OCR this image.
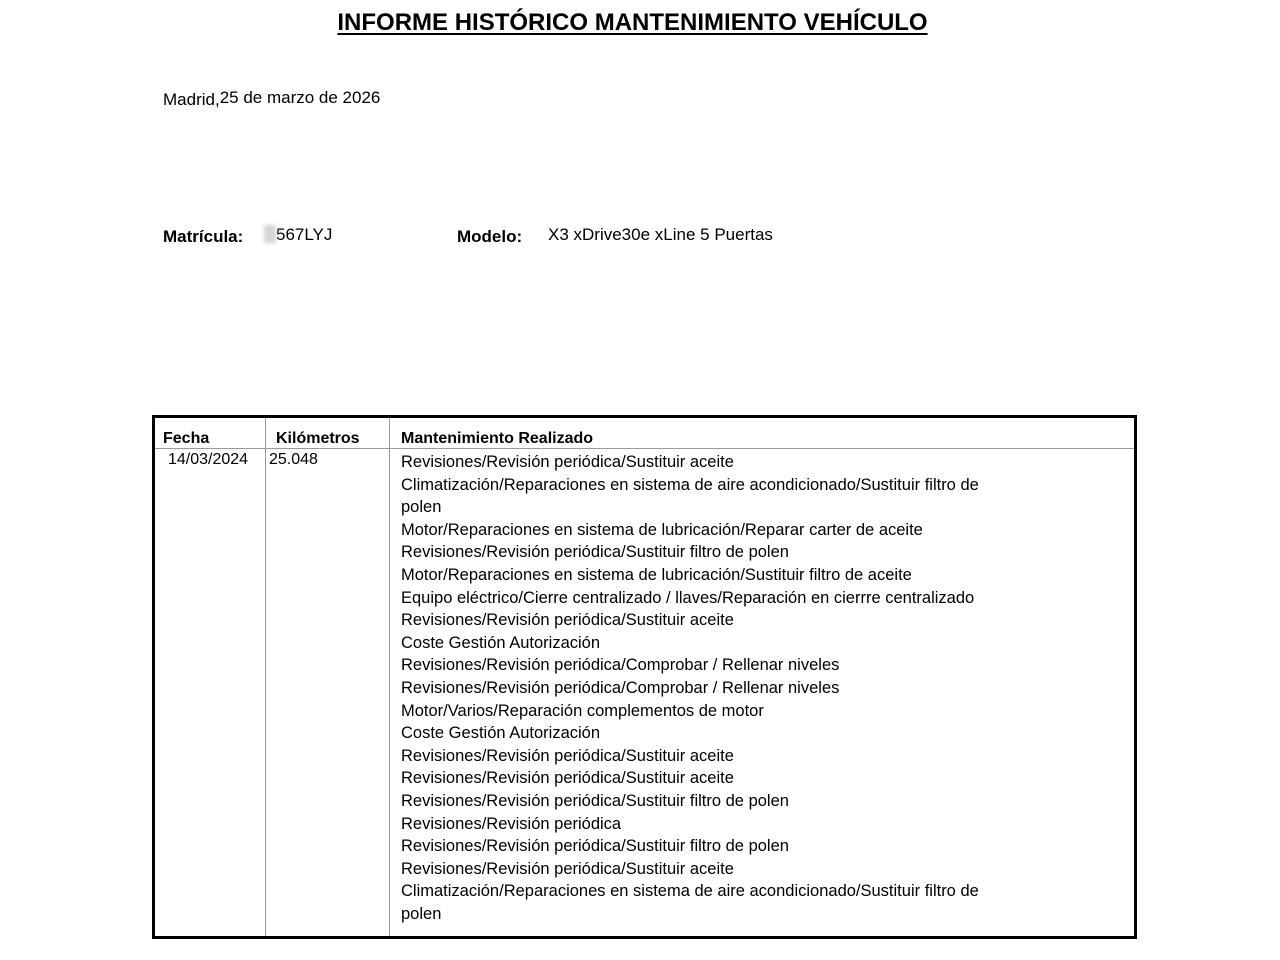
INFORME HISTÓRICO MANTENIMIENTO VEHÍCULO
Madrid,25 de marzo de 2026
Matrícula:	567LYJ	Modelo: X3 xDrive30e xLine 5 Puertas
Fecha	Kilómetros	Mantenimiento Realizado
14/03/2024 25.048	Revisiones/Revisión periódica/Sustituir aceite
Climatización/Reparaciones en sistema de aire acondicionado/Sustituir filtro de polen
Motor/Reparaciones en sistema de lubricación/Reparar carter de aceite
Revisiones/Revisión periódica/Sustituir filtro de polen
Motor/Reparaciones en sistema de lubricación/Sustituir filtro de aceite
Equipo eléctrico/Cierre centralizado / llaves/Reparación en cierrre centralizado
Revisiones/Revisión periódica/Sustituir aceite
Coste Gestión Autorización
Revisiones/Revisión periódica/Comprobar / Rellenar niveles
Revisiones/Revisión periódica/Comprobar / Rellenar niveles
Motor/Varios/Reparación complementos de motor
Coste Gestión Autorización
Revisiones/Revisión periódica/Sustituir aceite
Revisiones/Revisión periódica/Sustituir aceite
Revisiones/Revisión periódica/Sustituir filtro de polen
Revisiones/Revisión periódica
Revisiones/Revisión periódica/Sustituir filtro de polen
Revisiones/Revisión periódica/Sustituir aceite
Climatización/Reparaciones en sistema de aire acondicionado/Sustituir filtro de polen
